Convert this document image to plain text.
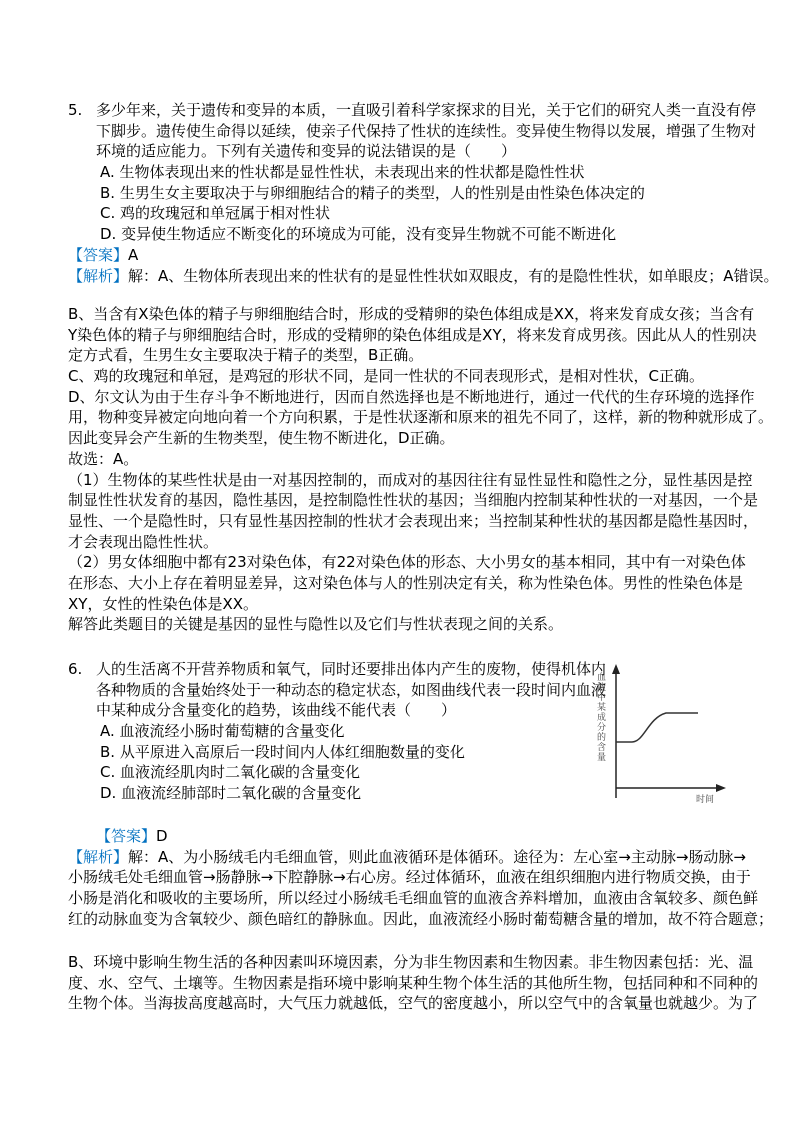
5. 多少年来，关于遗传和变异的本质，一直吸引着科学家探求的目光，关于它们的研究人类一直没有停
下脚步。遗传使生命得以延续，使亲子代保持了性状的连续性。变异使生物得以发展，增强了生物对
环境的适应能力。下列有关遗传和变异的说法错误的是（　　）
A. 生物体表现出来的性状都是显性性状，未表现出来的性状都是隐性性状
B. 生男生女主要取决于与卵细胞结合的精子的类型，人的性别是由性染色体决定的
C. 鸡的玫瑰冠和单冠属于相对性状
D. 变异使生物适应不断变化的环境成为可能，没有变异生物就不可能不断进化
【答案】A
【解析】解：A、生物体所表现出来的性状有的是显性性状如双眼皮，有的是隐性性状，如单眼皮；A错误。
B、当含有X染色体的精子与卵细胞结合时，形成的受精卵的染色体组成是XX，将来发育成女孩；当含有
Y染色体的精子与卵细胞结合时，形成的受精卵的染色体组成是XY，将来发育成男孩。因此从人的性别决
定方式看，生男生女主要取决于精子的类型，B正确。
C、鸡的玫瑰冠和单冠，是鸡冠的形状不同，是同一性状的不同表现形式，是相对性状，C正确。
D、尔文认为由于生存斗争不断地进行，因而自然选择也是不断地进行，通过一代代的生存环境的选择作
用，物种变异被定向地向着一个方向积累，于是性状逐渐和原来的祖先不同了，这样，新的物种就形成了。
因此变异会产生新的生物类型，使生物不断进化，D正确。
故选：A。
（1）生物体的某些性状是由一对基因控制的，而成对的基因往往有显性显性和隐性之分，显性基因是控
制显性性状发育的基因，隐性基因，是控制隐性性状的基因；当细胞内控制某种性状的一对基因，一个是
显性、一个是隐性时，只有显性基因控制的性状才会表现出来；当控制某种性状的基因都是隐性基因时，
才会表现出隐性性状。
（2）男女体细胞中都有23对染色体，有22对染色体的形态、大小男女的基本相同，其中有一对染色体
在形态、大小上存在着明显差异，这对染色体与人的性别决定有关，称为性染色体。男性的性染色体是
XY，女性的性染色体是XX。
解答此类题目的关键是基因的显性与隐性以及它们与性状表现之间的关系。
6. 人的生活离不开营养物质和氧气，同时还要排出体内产生的废物，使得机体内
各种物质的含量始终处于一种动态的稳定状态，如图曲线代表一段时间内血液
中某种成分含量变化的趋势，该曲线不能代表（　　）
A. 血液流经小肠时葡萄糖的含量变化
B. 从平原进入高原后一段时间内人体红细胞数量的变化
C. 血液流经肌肉时二氧化碳的含量变化
D. 血液流经肺部时二氧化碳的含量变化
血液中某成分的含量
时间
【答案】D
【解析】解：A、为小肠绒毛内毛细血管，则此血液循环是体循环。途径为：左心室→主动脉→肠动脉→
小肠绒毛处毛细血管→肠静脉→下腔静脉→右心房。经过体循环，血液在组织细胞内进行物质交换，由于
小肠是消化和吸收的主要场所，所以经过小肠绒毛毛细血管的血液含养料增加，血液由含氧较多、颜色鲜
红的动脉血变为含氧较少、颜色暗红的静脉血。因此，血液流经小肠时葡萄糖含量的增加，故不符合题意；
B、环境中影响生物生活的各种因素叫环境因素，分为非生物因素和生物因素。非生物因素包括：光、温
度、水、空气、土壤等。生物因素是指环境中影响某种生物个体生活的其他所生物，包括同种和不同种的
生物个体。当海拔高度越高时，大气压力就越低，空气的密度越小，所以空气中的含氧量也就越少。为了
